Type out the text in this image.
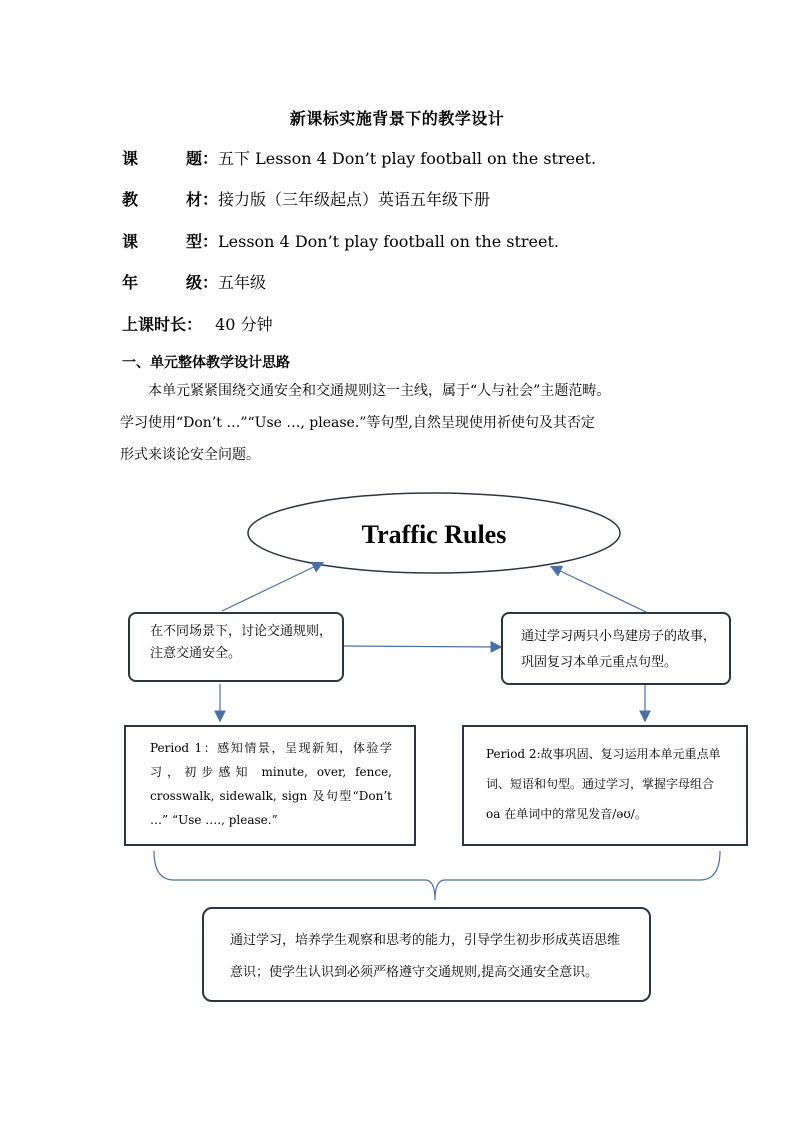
新课标实施背景下的教学设计
课	题 ：五下 Lesson 4 Don’t play football on the street.
教	材 ：接力版（三年级起点）英语五年级下册
课	型 ：Lesson 4 Don’t play football on the street.
年	级 ：五年级
上课时长： 40 分钟
一、单元整体教学设计思路
本单元紧紧围绕交通安全和交通规则这一主线，属于“人与社会”主题范畴。
学习使用“Don’t …”“Use …, please.”等句型,自然呈现使用祈使句及其否定
形式来谈论安全问题。
Traffic Rules
在不同场景下，讨论交通规则，注意交通安全。
通过学习两只小鸟建房子的故事，巩固复习本单元重点句型。
Period 1：感知情景，呈现新知，体验学习，初步感知 minute, over, fence, crosswalk, sidewalk, sign 及句型“Don’t …” “Use …., please.”
Period 2:故事巩固、复习运用本单元重点单词、短语和句型。通过学习，掌握字母组合 oa 在单词中的常见发音/əʊ/。
通过学习，培养学生观察和思考的能力，引导学生初步形成英语思维意识；使学生认识到必须严格遵守交通规则,提高交通安全意识。
